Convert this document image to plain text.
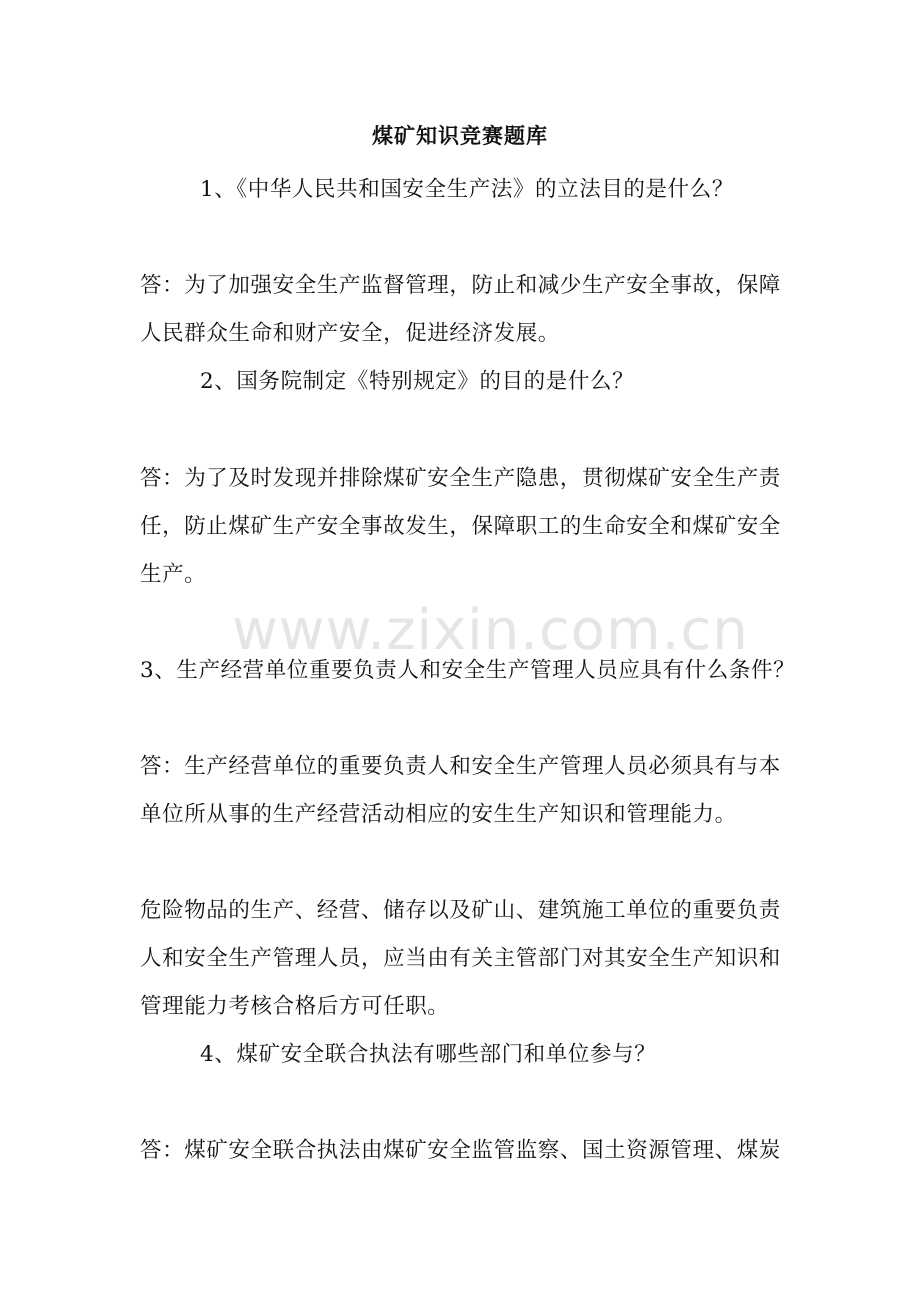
煤矿知识竞赛题库
1、《中华人民共和国安全生产法》的立法目的是什么？
答：为了加强安全生产监督管理，防止和减少生产安全事故，保障
人民群众生命和财产安全，促进经济发展。
2、国务院制定《特别规定》的目的是什么？
答：为了及时发现并排除煤矿安全生产隐患，贯彻煤矿安全生产责
任，防止煤矿生产安全事故发生，保障职工的生命安全和煤矿安全
生产。
www.zixin.com.cn
3、生产经营单位重要负责人和安全生产管理人员应具有什么条件？
答：生产经营单位的重要负责人和安全生产管理人员必须具有与本
单位所从事的生产经营活动相应的安生生产知识和管理能力。
危险物品的生产、经营、储存以及矿山、建筑施工单位的重要负责
人和安全生产管理人员，应当由有关主管部门对其安全生产知识和
管理能力考核合格后方可任职。
4、煤矿安全联合执法有哪些部门和单位参与？
答：煤矿安全联合执法由煤矿安全监管监察、国土资源管理、煤炭
